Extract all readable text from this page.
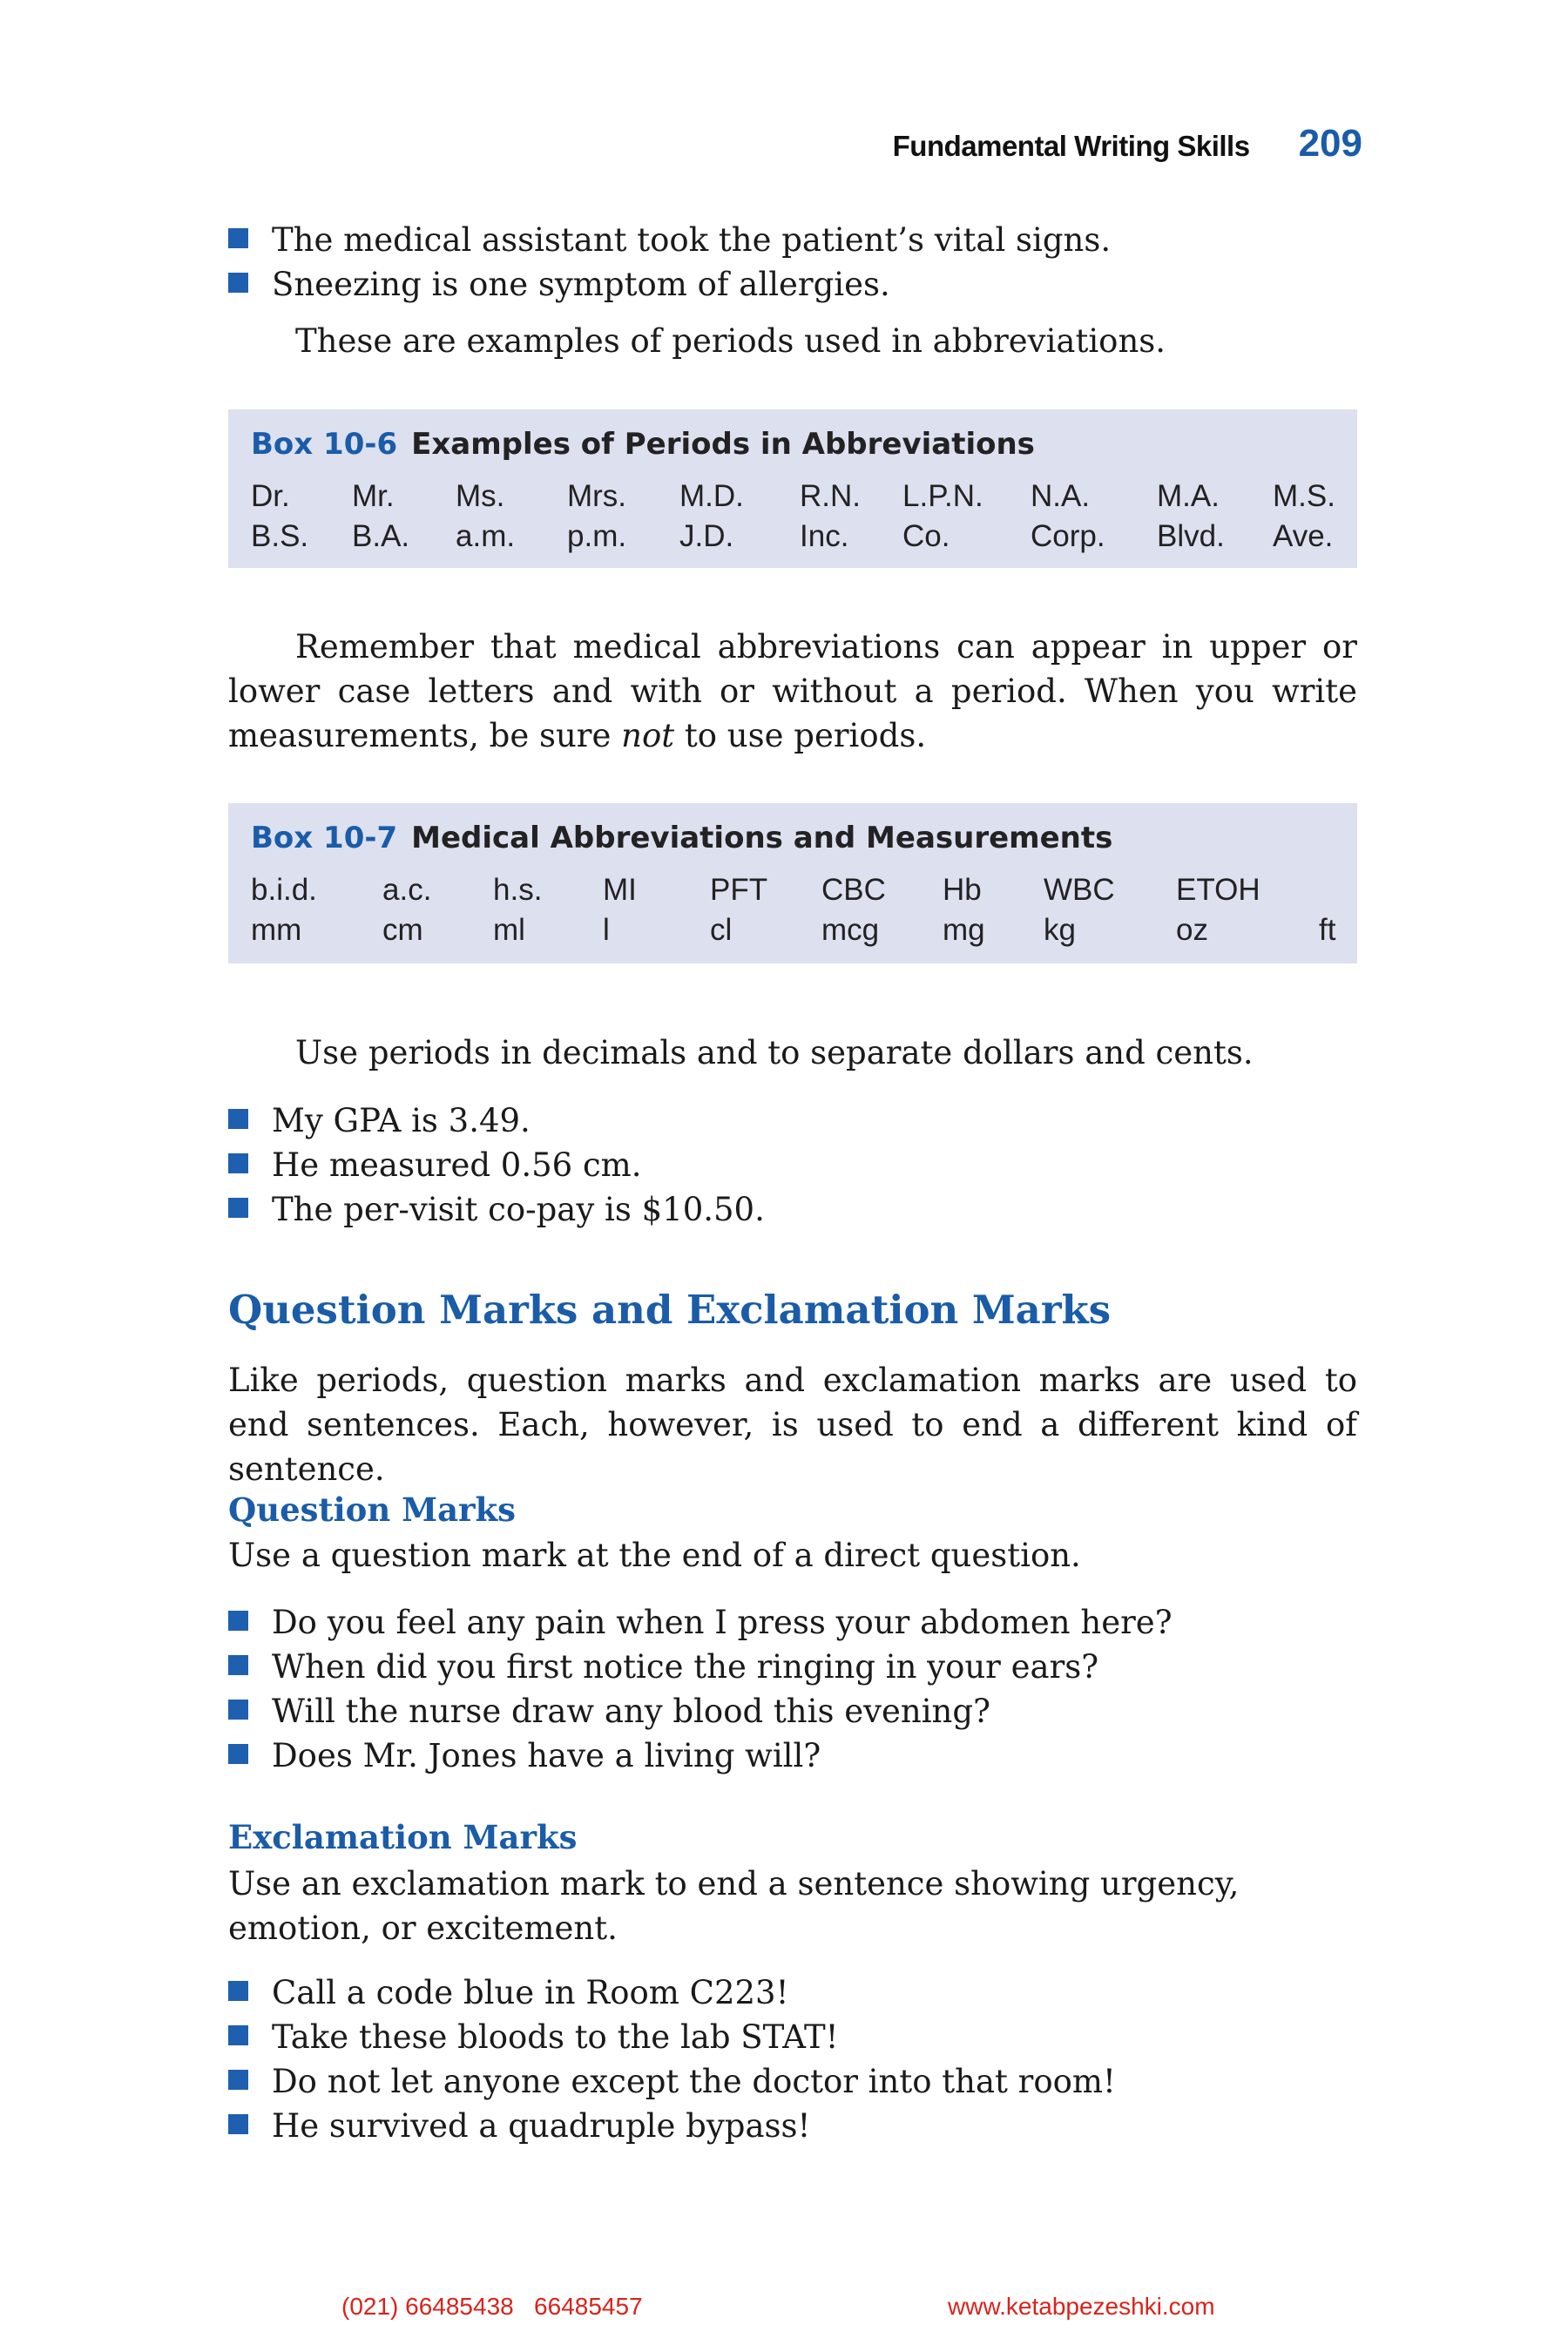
Fundamental Writing Skills 209
The medical assistant took the patient’s vital signs.
Sneezing is one symptom of allergies.
These are examples of periods used in abbreviations.
Box 10-6 Examples of Periods in Abbreviations
Dr. Mr. Ms. Mrs. M.D. R.N. L.P.N. N.A. M.A. M.S.
B.S. B.A. a.m. p.m. J.D. Inc. Co.	Corp. Blvd. Ave.
Remember that medical abbreviations can appear in upper or lower case letters and with or without a period. When you write measurements, be sure not to use periods.
Box 10-7 Medical Abbreviations and Measurements
b.i.d. a.c. h.s. MI PFT CBC Hb WBC ETOH
mm	cm ml	l	cl	mcg mg kg	oz	ft
Use periods in decimals and to separate dollars and cents.
My GPA is 3.49.
He measured 0.56 cm.
The per-visit co-pay is $10.50.
Question Marks and Exclamation Marks
Like periods, question marks and exclamation marks are used to end sentences. Each, however, is used to end a different kind of sentence.
Question Marks
Use a question mark at the end of a direct question.
Do you feel any pain when I press your abdomen here?
When did you first notice the ringing in your ears?
Will the nurse draw any blood this evening?
Does Mr. Jones have a living will?
Exclamation Marks
Use an exclamation mark to end a sentence showing urgency, emotion, or excitement.
Call a code blue in Room C223!
Take these bloods to the lab STAT!
Do not let anyone except the doctor into that room!
He survived a quadruple bypass!
(021) 66485438   66485457	www.ketabpezeshki.com
